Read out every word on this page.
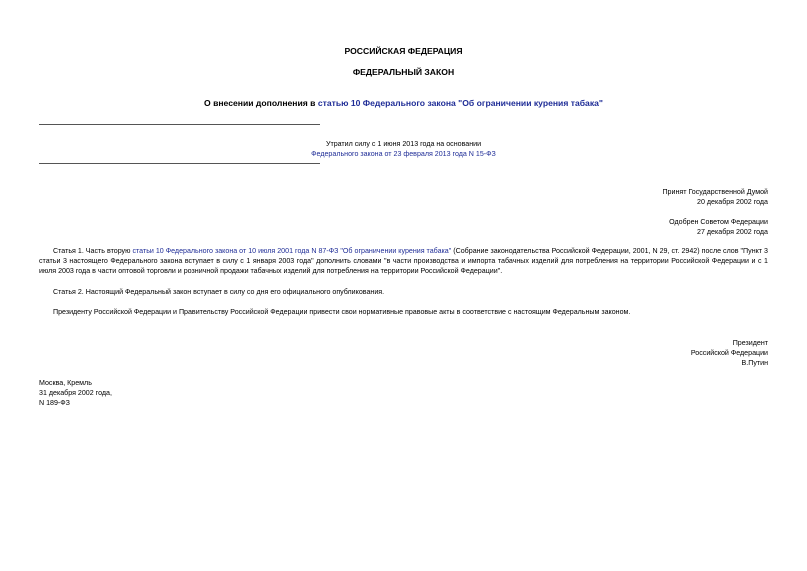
РОССИЙСКАЯ ФЕДЕРАЦИЯ
ФЕДЕРАЛЬНЫЙ ЗАКОН
О внесении дополнения в статью 10 Федерального закона "Об ограничении курения табака"
Утратил силу с 1 июня 2013 года на основании
Федерального закона от 23 февраля 2013 года N 15-ФЗ
Принят Государственной Думой
20 декабря 2002 года
Одобрен Советом Федерации
27 декабря 2002 года
Статья 1. Часть вторую статьи 10 Федерального закона от 10 июля 2001 года N 87-ФЗ "Об ограничении курения табака" (Собрание законодательства Российской Федерации, 2001, N 29, ст. 2942) после слов "Пункт 3 статьи 3 настоящего Федерального закона вступает в силу с 1 января 2003 года" дополнить словами "в части производства и импорта табачных изделий для потребления на территории Российской Федерации и с 1 июля 2003 года в части оптовой торговли и розничной продажи табачных изделий для потребления на территории Российской Федерации".
Статья 2. Настоящий Федеральный закон вступает в силу со дня его официального опубликования.
Президенту Российской Федерации и Правительству Российской Федерации привести свои нормативные правовые акты в соответствие с настоящим Федеральным законом.
Президент
Российской Федерации
В.Путин
Москва, Кремль
31 декабря 2002 года,
N 189-ФЗ
